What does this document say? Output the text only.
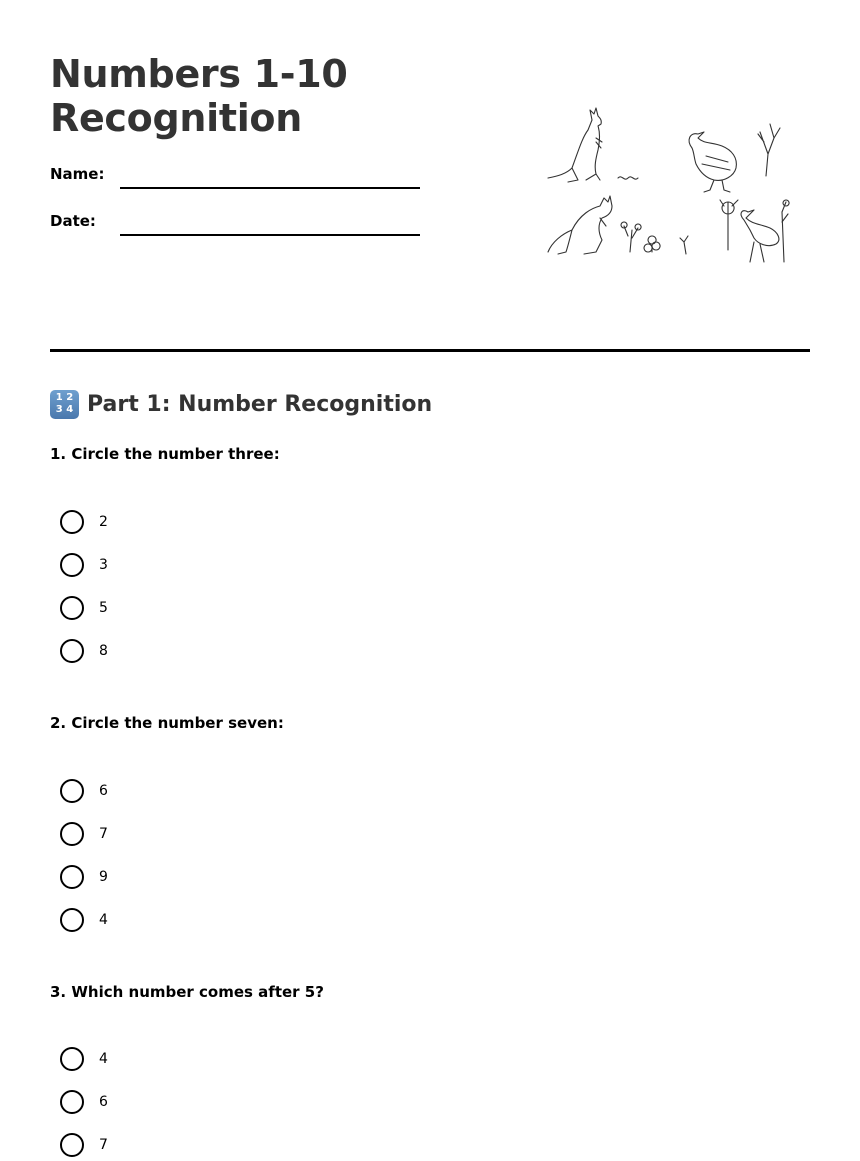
Numbers 1-10 Recognition
Name:
Date:
1 2
3 4 Part 1: Number Recognition
1. Circle the number three:
2
3
5
8
2. Circle the number seven:
6
7
9
4
3. Which number comes after 5?
4
6
7
